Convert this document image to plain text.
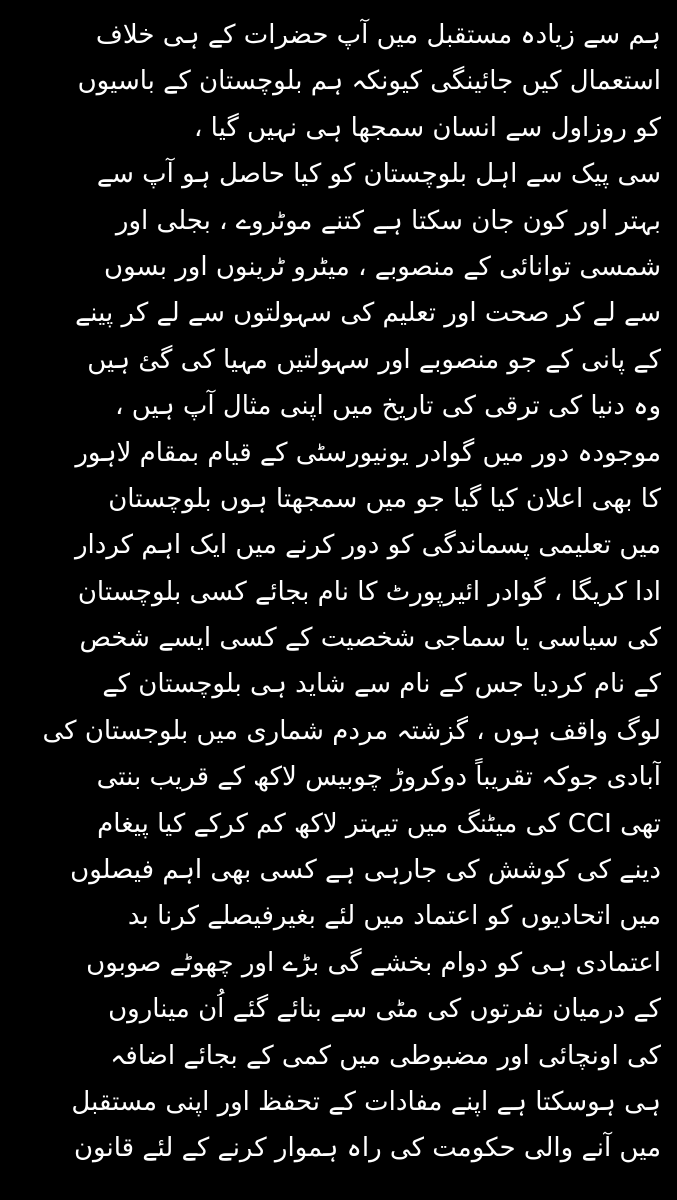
ہم سے زیادہ مستقبل میں آپ حضرات کے ہی خلاف
استعمال کیں جائینگی کیونکہ ہم بلوچستان کے باسیوں
کو روزاول سے انسان سمجھا ہی نہیں گیا ،
سی پیک سے اہل بلوچستان کو کیا حاصل ہو آپ سے
بہتر اور کون جان سکتا ہے کتنے موٹروے ، بجلی اور
شمسی توانائی کے منصوبے ، میٹرو ٹرینوں اور بسوں
سے لے کر صحت اور تعلیم کی سہولتوں سے لے کر پینے
کے پانی کے جو منصوبے اور سہولتیں مہیا کی گئ ہیں
وہ دنیا کی ترقی کی تاریخ میں اپنی مثال آپ ہیں ،
موجودہ دور میں گوادر یونیورسٹی کے قیام بمقام لاہور
کا بھی اعلان کیا گیا جو میں سمجھتا ہوں بلوچستان
میں تعلیمی پسماندگی کو دور کرنے میں ایک اہم کردار
ادا کریگا ، گوادر ائیرپورٹ کا نام بجائے کسی بلوچستان
کی سیاسی یا سماجی شخصیت کے کسی ایسے شخص
کے نام کردیا جس کے نام سے شاید ہی بلوچستان کے
لوگ واقف ہوں ، گزشتہ مردم شماری میں بلوجستان کی
آبادی جوکہ تقریباً دوکروڑ چوبیس لاکھ کے قریب بنتی
تھی CCI کی میٹنگ میں تیہتر لاکھ کم کرکے کیا پیغام
دینے کی کوشش کی جارہی ہے کسی بھی اہم فیصلوں
میں اتحادیوں کو اعتماد میں لئے بغیرفیصلے کرنا بد
اعتمادی ہی کو دوام بخشے گی بڑے اور چھوٹے صوبوں
کے درمیان نفرتوں کی مٹی سے بنائے گئے اُن میناروں
کی اونچائی اور مضبوطی میں کمی کے بجائے اضافہ
ہی ہوسکتا ہے اپنے مفادات کے تحفظ اور اپنی مستقبل
میں آنے والی حکومت کی راہ ہموار کرنے کے لئے قانون
